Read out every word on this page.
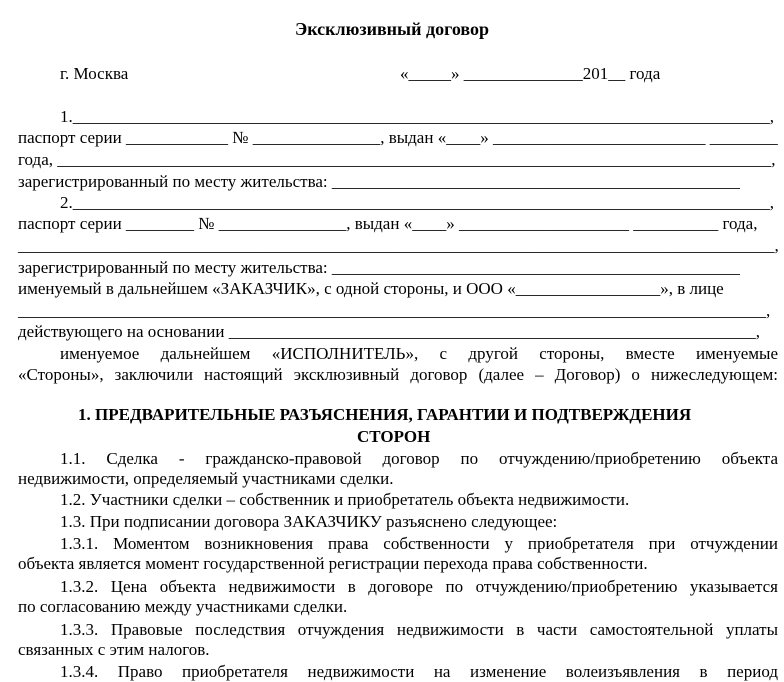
Эксклюзивный договор
г. Москва	«_____» ______________201__ года
1.__________________________________________________________________________________,
паспорт серии ____________ № _______________, выдан «____» _________________________ ________
года, ____________________________________________________________________________________,
зарегистрированный по месту жительства: ________________________________________________
2.__________________________________________________________________________________,
паспорт серии ________ № _______________, выдан «____» ____________________ __________ года,
_________________________________________________________________________________________,
зарегистрированный по месту жительства: ________________________________________________
именуемый в дальнейшем «ЗАКАЗЧИК», с одной стороны, и ООО «_________________», в лице
________________________________________________________________________________________,
действующего на основании ______________________________________________________________,
именуемое дальнейшем «ИСПОЛНИТЕЛЬ», с другой стороны, вместе именуемые
«Стороны», заключили настоящий эксклюзивный договор (далее – Договор) о нижеследующем:
1. ПРЕДВАРИТЕЛЬНЫЕ РАЗЪЯСНЕНИЯ, ГАРАНТИИ И ПОДТВЕРЖДЕНИЯ
СТОРОН
1.1. Сделка - гражданско-правовой договор по отчуждению/приобретению объекта
недвижимости, определяемый участниками сделки.
1.2. Участники сделки – собственник и приобретатель объекта недвижимости.
1.3. При подписании договора ЗАКАЗЧИКУ разъяснено следующее:
1.3.1. Моментом возникновения права собственности у приобретателя при отчуждении
объекта является момент государственной регистрации перехода права собственности.
1.3.2. Цена объекта недвижимости в договоре по отчуждению/приобретению указывается
по согласованию между участниками сделки.
1.3.3. Правовые последствия отчуждения недвижимости в части самостоятельной уплаты
связанных с этим налогов.
1.3.4. Право приобретателя недвижимости на изменение волеизъявления в период
